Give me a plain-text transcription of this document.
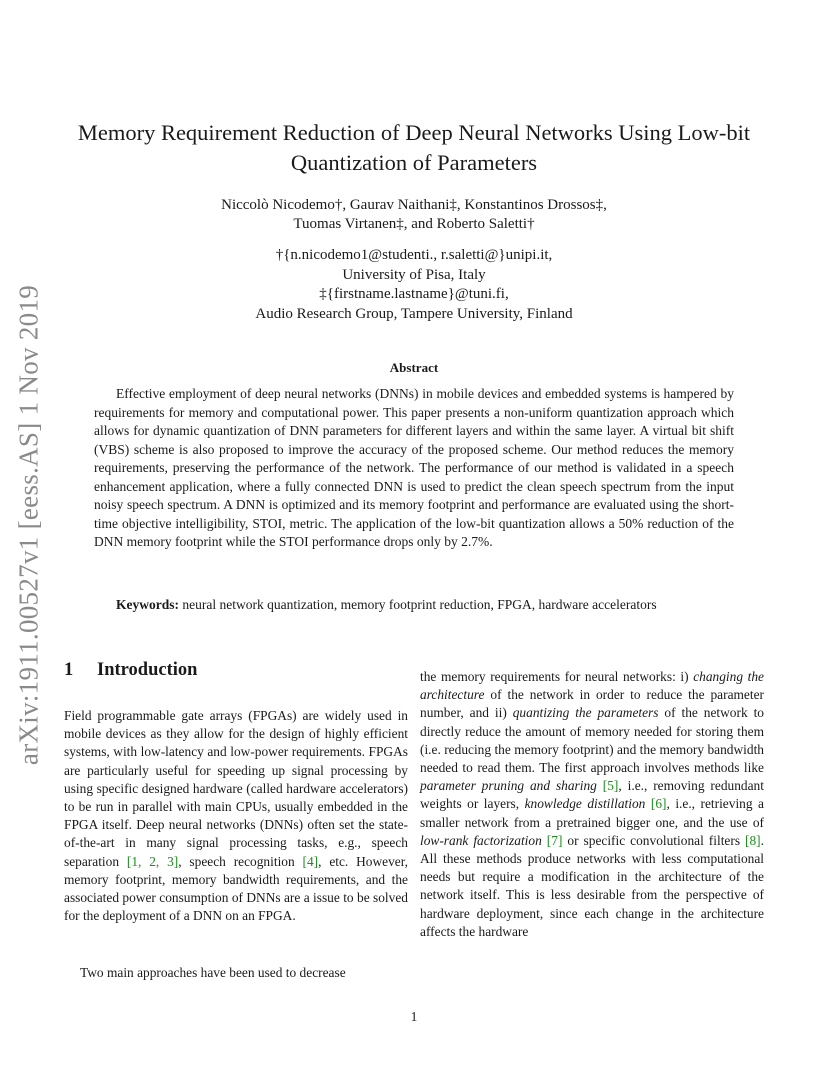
arXiv:1911.00527v1 [eess.AS] 1 Nov 2019
Memory Requirement Reduction of Deep Neural Networks Using Low-bit
Quantization of Parameters
Niccolò Nicodemo†, Gaurav Naithani‡, Konstantinos Drossos‡,
Tuomas Virtanen‡, and Roberto Saletti†
†{n.nicodemo1@studenti., r.saletti@}unipi.it,
University of Pisa, Italy
‡{firstname.lastname}@tuni.fi,
Audio Research Group, Tampere University, Finland
Abstract

Effective employment of deep neural networks (DNNs) in mobile devices and embedded systems is hampered by requirements for memory and computational power. This paper presents a non-uniform quantization approach which allows for dynamic quantization of DNN parameters for different layers and within the same layer. A virtual bit shift (VBS) scheme is also proposed to improve the accuracy of the proposed scheme. Our method reduces the memory requirements, preserving the performance of the network. The performance of our method is validated in a speech enhancement application, where a fully connected DNN is used to predict the clean speech spectrum from the input noisy speech spectrum. A DNN is optimized and its memory footprint and performance are evaluated using the short-time objective intelligibility, STOI, metric. The application of the low-bit quantization allows a 50% reduction of the DNN memory footprint while the STOI performance drops only by 2.7%.

Keywords: neural network quantization, memory footprint reduction, FPGA, hardware accelerators

1 Introduction

Field programmable gate arrays (FPGAs) are widely used in mobile devices as they allow for the design of highly efficient systems, with low-latency and low-power requirements. FPGAs are particularly useful for speeding up signal processing by using specific designed hardware (called hardware accelerators) to be run in parallel with main CPUs, usually embedded in the FPGA itself. Deep neural networks (DNNs) often set the state-of-the-art in many signal processing tasks, e.g., speech separation [1, 2, 3], speech recognition [4], etc. However, memory footprint, memory bandwidth requirements, and the associated power consumption of DNNs are a issue to be solved for the deployment of a DNN on an FPGA.

Two main approaches have been used to decrease

the memory requirements for neural networks: i) changing the architecture of the network in order to reduce the parameter number, and ii) quantizing the parameters of the network to directly reduce the amount of memory needed for storing them (i.e. reducing the memory footprint) and the memory bandwidth needed to read them. The first approach involves methods like parameter pruning and sharing [5], i.e., removing redundant weights or layers, knowledge distillation [6], i.e., retrieving a smaller network from a pretrained bigger one, and the use of low-rank factorization [7] or specific convolutional filters [8]. All these methods produce networks with less computational needs but require a modification in the architecture of the network itself. This is less desirable from the perspective of hardware deployment, since each change in the architecture affects the hardware

1
